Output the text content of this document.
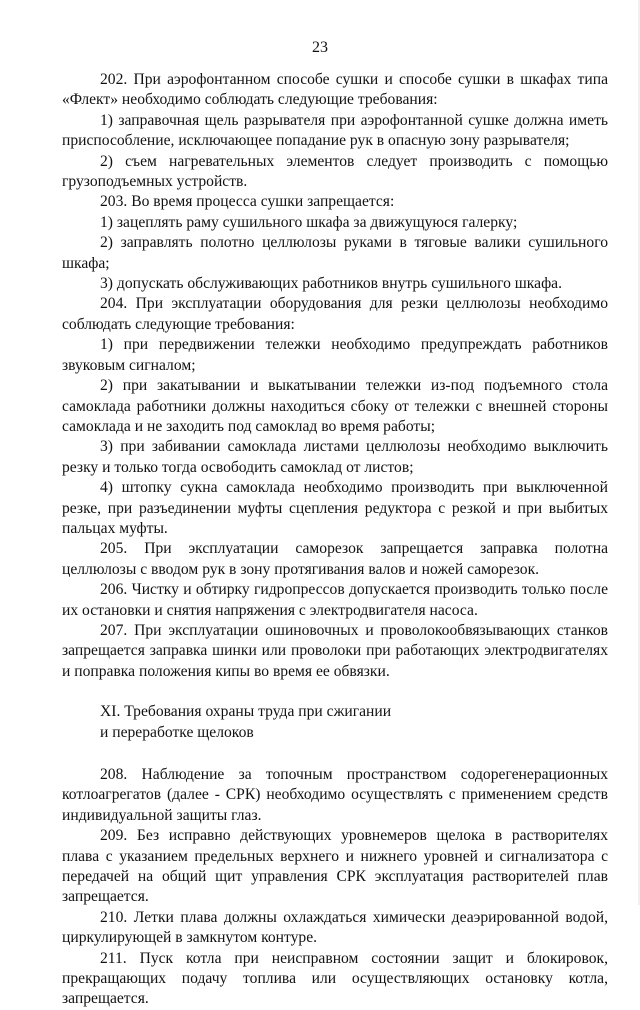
23

202. При аэрофонтанном способе сушки и способе сушки в шкафах типа «Флект» необходимо соблюдать следующие требования:

1) заправочная щель разрывателя при аэрофонтанной сушке должна иметь приспособление, исключающее попадание рук в опасную зону разрывателя;

2) съем нагревательных элементов следует производить с помощью грузоподъемных устройств.

203. Во время процесса сушки запрещается:

1) зацеплять раму сушильного шкафа за движущуюся галерку;

2) заправлять полотно целлюлозы руками в тяговые валики сушильного шкафа;

3) допускать обслуживающих работников внутрь сушильного шкафа.

204. При эксплуатации оборудования для резки целлюлозы необходимо соблюдать следующие требования:

1) при передвижении тележки необходимо предупреждать работников звуковым сигналом;

2) при закатывании и выкатывании тележки из-под подъемного стола самоклада работники должны находиться сбоку от тележки с внешней стороны самоклада и не заходить под самоклад во время работы;

3) при забивании самоклада листами целлюлозы необходимо выключить резку и только тогда освободить самоклад от листов;

4) штопку сукна самоклада необходимо производить при выключенной резке, при разъединении муфты сцепления редуктора с резкой и при выбитых пальцах муфты.

205. При эксплуатации саморезок запрещается заправка полотна целлюлозы с вводом рук в зону протягивания валов и ножей саморезок.

206. Чистку и обтирку гидропрессов допускается производить только после их остановки и снятия напряжения с электродвигателя насоса.

207. При эксплуатации ошиновочных и проволокообвязывающих станков запрещается заправка шинки или проволоки при работающих электродвигателях и поправка положения кипы во время ее обвязки.

XI. Требования охраны труда при сжигании

и переработке щелоков

208. Наблюдение за топочным пространством содорегенерационных котлоагрегатов (далее - СРК) необходимо осуществлять с применением средств индивидуальной защиты глаз.

209. Без исправно действующих уровнемеров щелока в растворителях плава с указанием предельных верхнего и нижнего уровней и сигнализатора с передачей на общий щит управления СРК эксплуатация растворителей плав запрещается.

210. Летки плава должны охлаждаться химически деаэрированной водой, циркулирующей в замкнутом контуре.

211. Пуск котла при неисправном состоянии защит и блокировок, прекращающих подачу топлива или осуществляющих остановку котла, запрещается.
